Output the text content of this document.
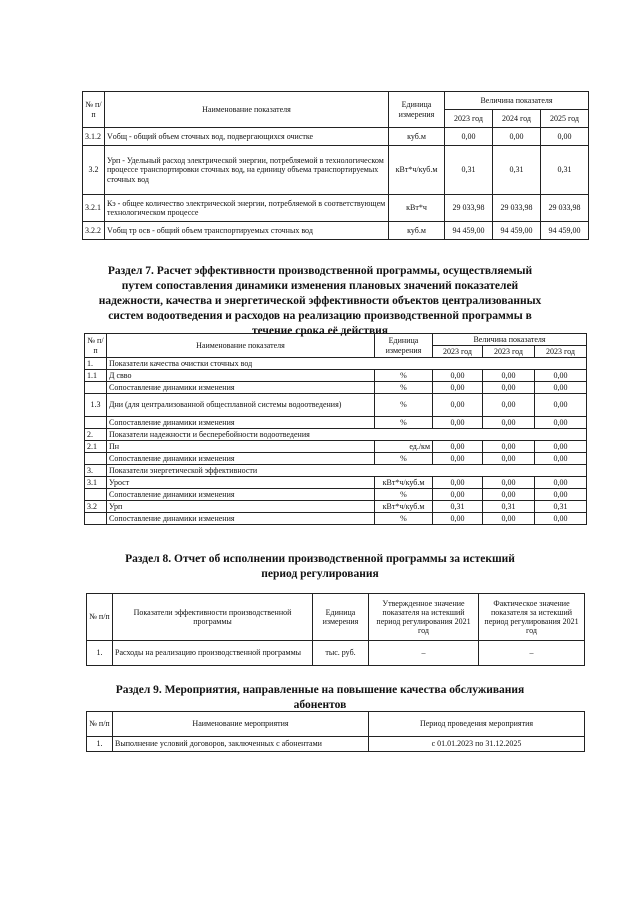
№ п/п	Наименование показателя	Единица измерения	Величина показателя		
			2023 год	2024 год	2025 год
3.1.2	Vобщ - общий объем сточных вод, подвергающихся очистке	куб.м	0,00	0,00	0,00
3.2	Урп - Удельный расход электрической энергии, потребляемой в технологическом процессе транспортировки сточных вод, на единицу объема транспортируемых сточных вод	кВт*ч/куб.м	0,31	0,31	0,31
3.2.1	Кэ - общее количество электрической энергии, потребляемой в соответствующем технологическом процессе	кВт*ч	29 033,98	29 033,98	29 033,98
3.2.2	Vобщ тр осв - общий объем транспортируемых сточных вод	куб.м	94 459,00	94 459,00	94 459,00
Раздел 7. Расчет эффективности производственной программы, осуществляемый путем сопоставления динамики изменения плановых значений показателей надежности, качества и энергетической эффективности объектов централизованных систем водоотведения и расходов на реализацию производственной программы в течение срока её действия
№ п/п	Наименование показателя	Единица измерения	Величина показателя		
			2023 год	2023 год	2023 год
1.	Показатели качества очистки сточных вод				
1.1	Д свво	%	0,00	0,00	0,00
	Сопоставление динамики изменения	%	0,00	0,00	0,00
1.3	Дни (для централизованной общесплавной системы водоотведения)	%	0,00	0,00	0,00
	Сопоставление динамики изменения	%	0,00	0,00	0,00
2.	Показатели надежности и бесперебойности водоотведения				
2.1	Пн	ед./км	0,00	0,00	0,00
	Сопоставление динамики изменения	%	0,00	0,00	0,00
3.	Показатели энергетической эффективности				
3.1	Урост	кВт*ч/куб.м	0,00	0,00	0,00
	Сопоставление динамики изменения	%	0,00	0,00	0,00
3.2	Урп	кВт*ч/куб.м	0,31	0,31	0,31
	Сопоставление динамики изменения	%	0,00	0,00	0,00
Раздел 8. Отчет об исполнении производственной программы за истекший период регулирования
№ п/п	Показатели эффективности производственной программы	Единица измерения	Утвержденное значение показателя на истекший период регулирования 2021 год	Фактическое значение показателя за истекший период регулирования 2021 год
1.	Расходы на реализацию производственной программы	тыс. руб.	–	–
Раздел 9. Мероприятия, направленные на повышение качества обслуживания абонентов
№ п/п	Наименование мероприятия	Период проведения мероприятия
1.	Выполнение условий договоров, заключенных с абонентами	с 01.01.2023 по 31.12.2025
